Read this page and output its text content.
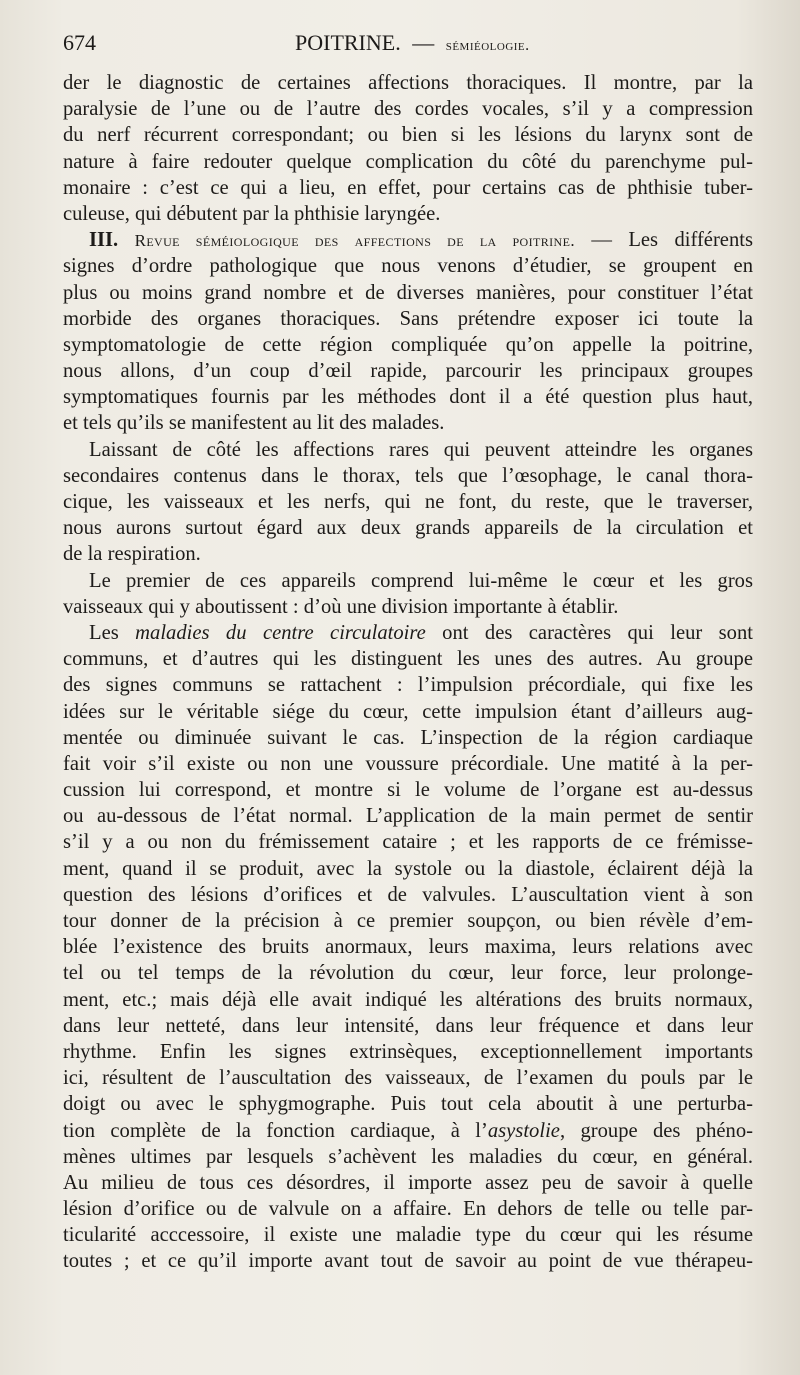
674	POITRINE. — sémiéologie.
der le diagnostic de certaines affections thoraciques. Il montre, par la
paralysie de l’une ou de l’autre des cordes vocales, s’il y a compression
du nerf récurrent correspondant; ou bien si les lésions du larynx sont de
nature à faire redouter quelque complication du côté du parenchyme pul-
monaire : c’est ce qui a lieu, en effet, pour certains cas de phthisie tuber-
culeuse, qui débutent par la phthisie laryngée.
III. Revue séméiologique des affections de la poitrine. — Les différents
signes d’ordre pathologique que nous venons d’étudier, se groupent en
plus ou moins grand nombre et de diverses manières, pour constituer l’état
morbide des organes thoraciques. Sans prétendre exposer ici toute la
symptomatologie de cette région compliquée qu’on appelle la poitrine,
nous allons, d’un coup d’œil rapide, parcourir les principaux groupes
symptomatiques fournis par les méthodes dont il a été question plus haut,
et tels qu’ils se manifestent au lit des malades.
Laissant de côté les affections rares qui peuvent atteindre les organes
secondaires contenus dans le thorax, tels que l’œsophage, le canal thora-
cique, les vaisseaux et les nerfs, qui ne font, du reste, que le traverser,
nous aurons surtout égard aux deux grands appareils de la circulation et
de la respiration.
Le premier de ces appareils comprend lui-même le cœur et les gros
vaisseaux qui y aboutissent : d’où une division importante à établir.
Les maladies du centre circulatoire ont des caractères qui leur sont
communs, et d’autres qui les distinguent les unes des autres. Au groupe
des signes communs se rattachent : l’impulsion précordiale, qui fixe les
idées sur le véritable siége du cœur, cette impulsion étant d’ailleurs aug-
mentée ou diminuée suivant le cas. L’inspection de la région cardiaque
fait voir s’il existe ou non une voussure précordiale. Une matité à la per-
cussion lui correspond, et montre si le volume de l’organe est au-dessus
ou au-dessous de l’état normal. L’application de la main permet de sentir
s’il y a ou non du frémissement cataire ; et les rapports de ce frémisse-
ment, quand il se produit, avec la systole ou la diastole, éclairent déjà la
question des lésions d’orifices et de valvules. L’auscultation vient à son
tour donner de la précision à ce premier soupçon, ou bien révèle d’em-
blée l’existence des bruits anormaux, leurs maxima, leurs relations avec
tel ou tel temps de la révolution du cœur, leur force, leur prolonge-
ment, etc.; mais déjà elle avait indiqué les altérations des bruits normaux,
dans leur netteté, dans leur intensité, dans leur fréquence et dans leur
rhythme. Enfin les signes extrinsèques, exceptionnellement importants
ici, résultent de l’auscultation des vaisseaux, de l’examen du pouls par le
doigt ou avec le sphygmographe. Puis tout cela aboutit à une perturba-
tion complète de la fonction cardiaque, à l’asystolie, groupe des phéno-
mènes ultimes par lesquels s’achèvent les maladies du cœur, en général.
Au milieu de tous ces désordres, il importe assez peu de savoir à quelle
lésion d’orifice ou de valvule on a affaire. En dehors de telle ou telle par-
ticularité acccessoire, il existe une maladie type du cœur qui les résume
toutes ; et ce qu’il importe avant tout de savoir au point de vue thérapeu-
